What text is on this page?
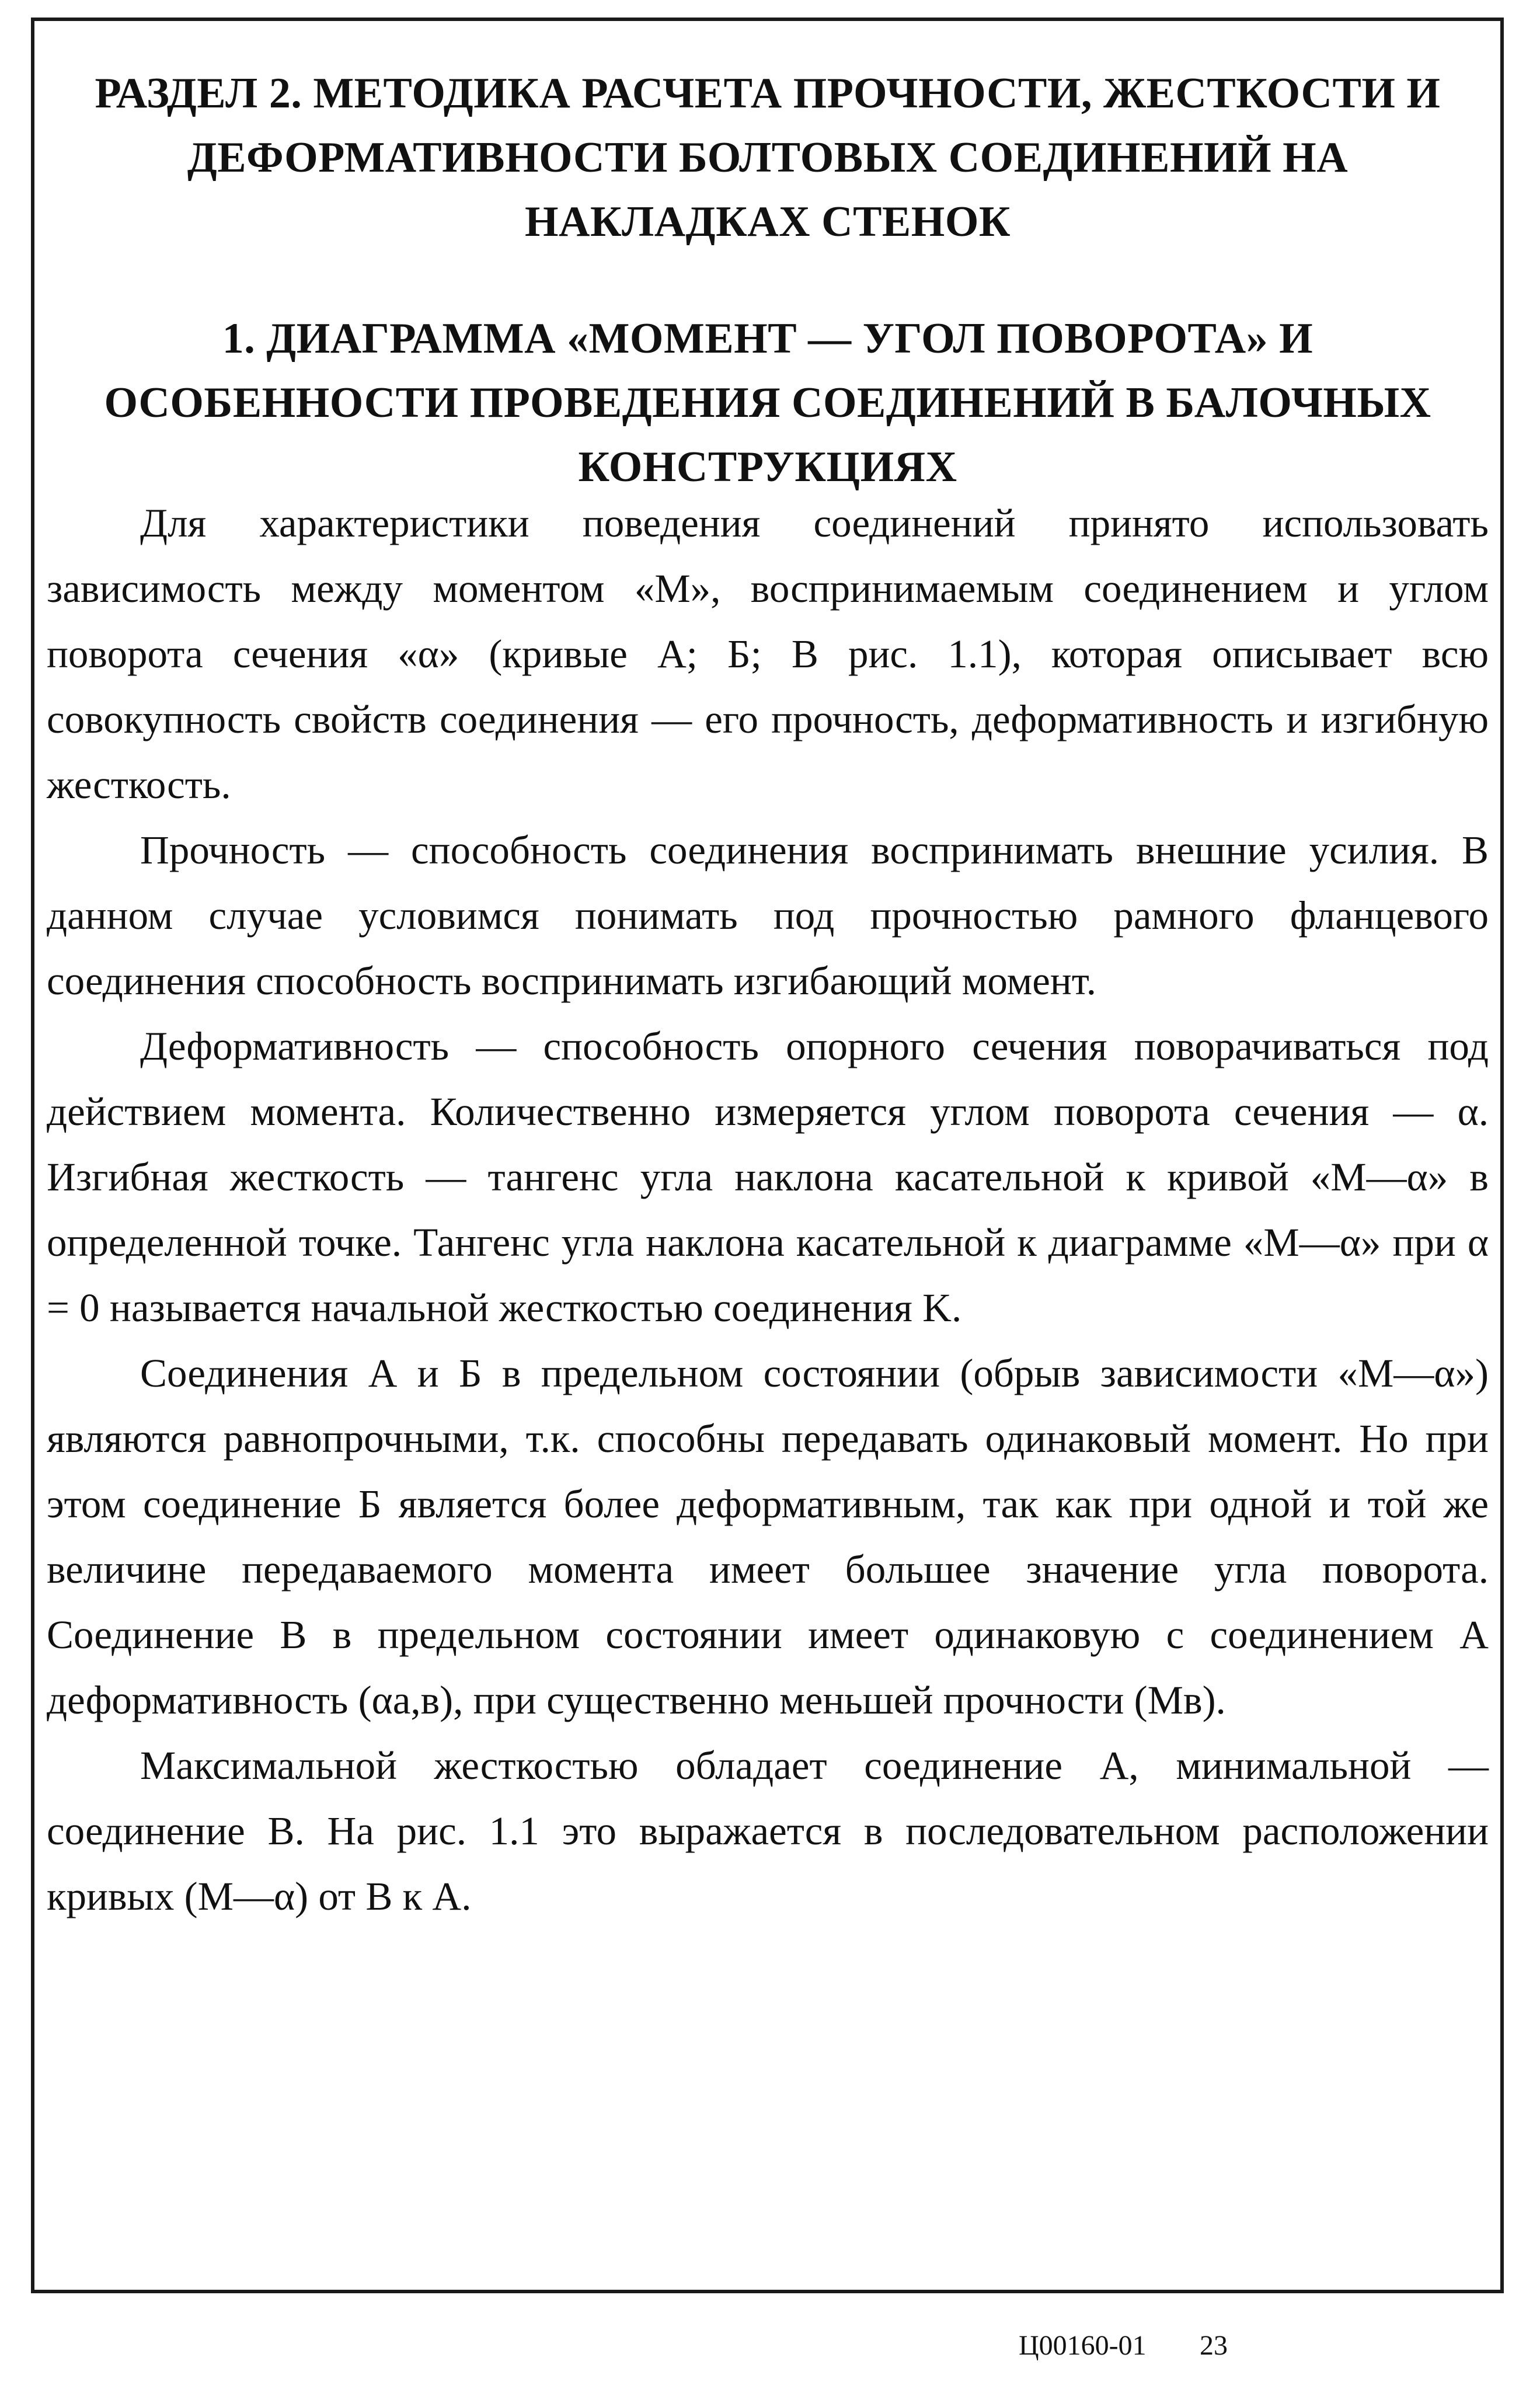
РАЗДЕЛ 2. МЕТОДИКА РАСЧЕТА ПРОЧНОСТИ, ЖЕСТКОСТИ И ДЕФОРМАТИВНОСТИ БОЛТОВЫХ СОЕДИНЕНИЙ НА НАКЛАДКАХ СТЕНОК
1. ДИАГРАММА «МОМЕНТ — УГОЛ ПОВОРОТА» И ОСОБЕННОСТИ ПРОВЕДЕНИЯ СОЕДИНЕНИЙ В БАЛОЧНЫХ КОНСТРУКЦИЯХ

Для характеристики поведения соединений принято использовать зависимость между моментом «М», воспринимаемым соединением и углом поворота сечения «α» (кривые А; Б; В рис. 1.1), которая описывает всю совокупность свойств соединения — его прочность, деформативность и изгибную жесткость.

Прочность — способность соединения воспринимать внешние усилия. В данном случае условимся понимать под прочностью рамного фланцевого соединения способность воспринимать изгибающий момент.

Деформативность — способность опорного сечения поворачиваться под действием момента. Количественно измеряется углом поворота сечения — α. Изгибная жесткость — тангенс угла наклона касательной к кривой «М—α» в определенной точке. Тангенс угла наклона касательной к диаграмме «М—α» при α = 0 называется начальной жесткостью соединения K.

Соединения А и Б в предельном состоянии (обрыв зависимости «М—α») являются равнопрочными, т.к. способны передавать одинаковый момент. Но при этом соединение Б является более деформативным, так как при одной и той же величине передаваемого момента имеет большее значение угла поворота. Соединение В в предельном состоянии имеет одинаковую с соединением А деформативность (αа,в), при существенно меньшей прочности (Мв).

Максимальной жесткостью обладает соединение А, минимальной — соединение В. На рис. 1.1 это выражается в последовательном расположении кривых (М—α) от В к А.

Ц00160-01 23
